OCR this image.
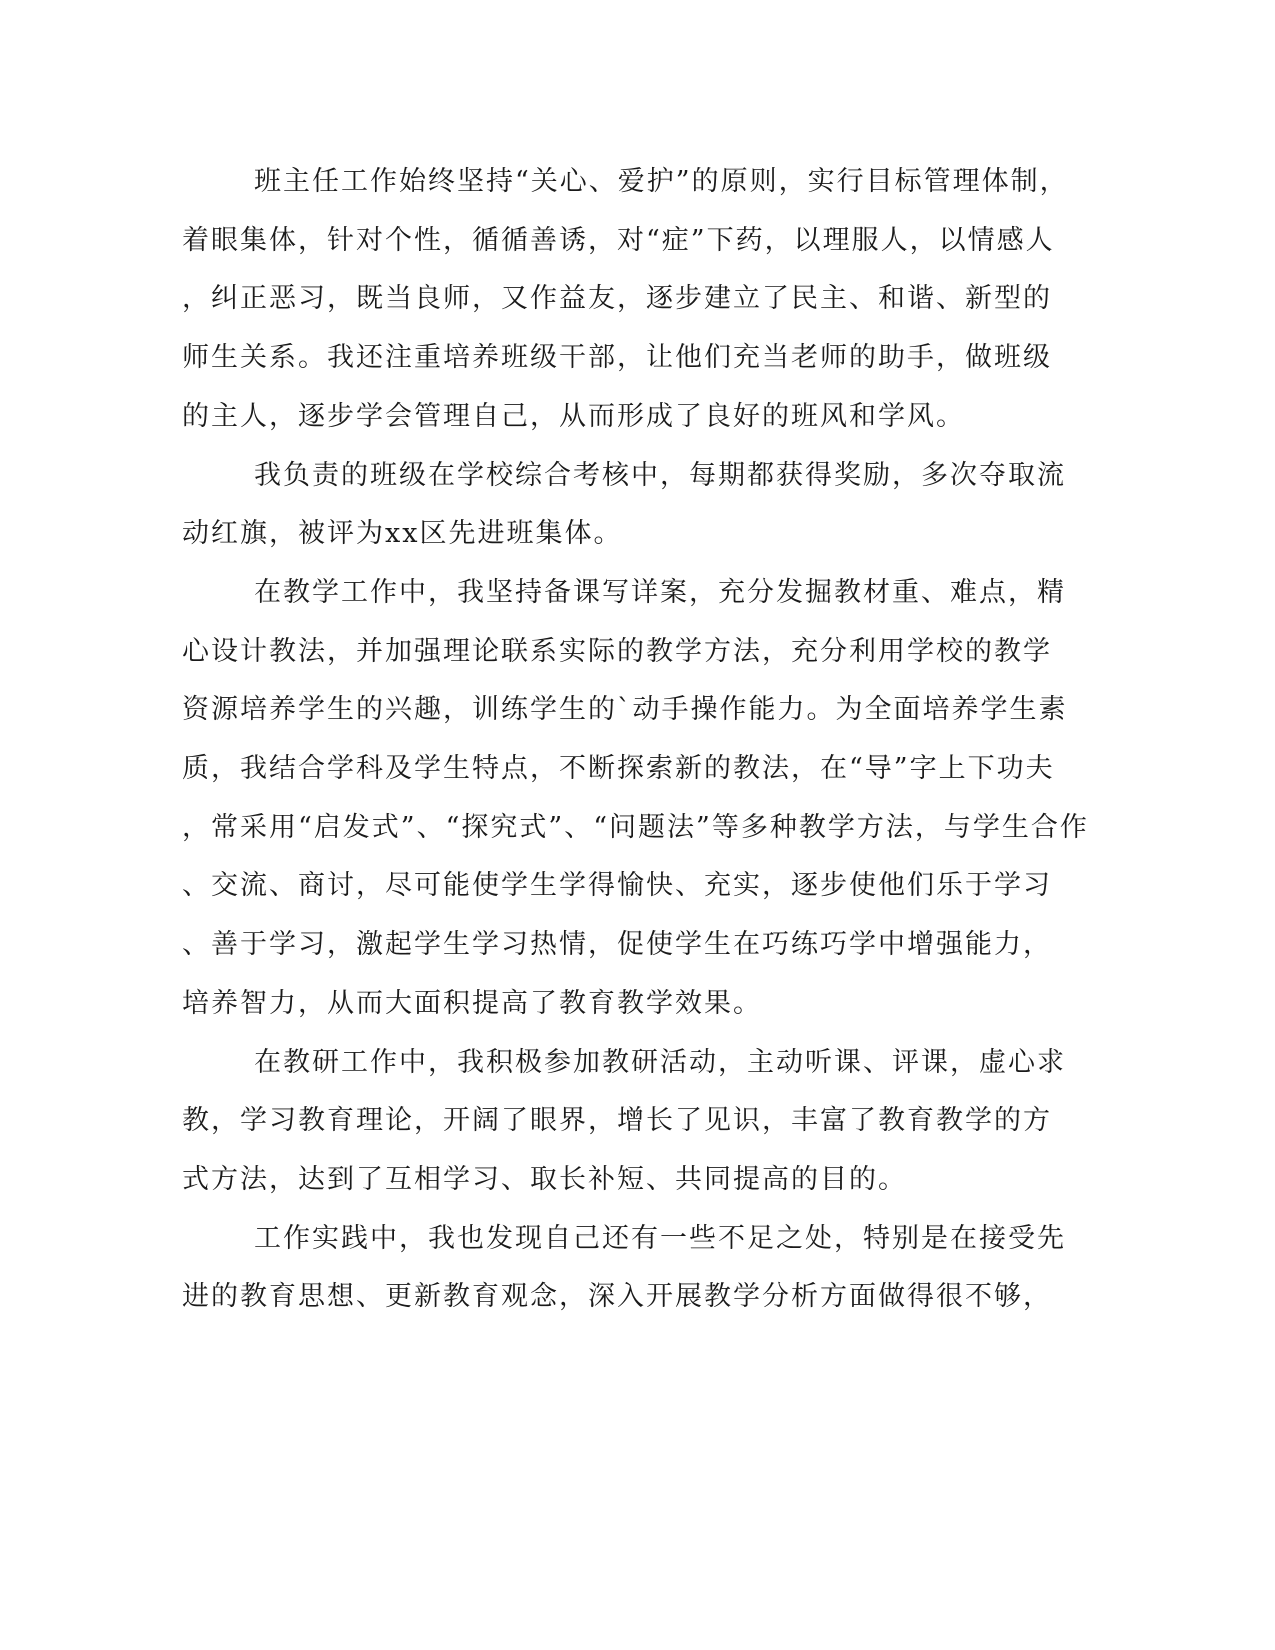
班主任工作始终坚持“关心、爱护”的原则，实行目标管理体制，
着眼集体，针对个性，循循善诱，对“症”下药，以理服人，以情感人
，纠正恶习，既当良师，又作益友，逐步建立了民主、和谐、新型的
师生关系。我还注重培养班级干部，让他们充当老师的助手，做班级
的主人，逐步学会管理自己，从而形成了良好的班风和学风。
我负责的班级在学校综合考核中，每期都获得奖励，多次夺取流
动红旗，被评为xx区先进班集体。
在教学工作中，我坚持备课写详案，充分发掘教材重、难点，精
心设计教法，并加强理论联系实际的教学方法，充分利用学校的教学
资源培养学生的兴趣，训练学生的`动手操作能力。为全面培养学生素
质，我结合学科及学生特点，不断探索新的教法，在“导”字上下功夫
，常采用“启发式”、“探究式”、“问题法”等多种教学方法，与学生合作
、交流、商讨，尽可能使学生学得愉快、充实，逐步使他们乐于学习
、善于学习，激起学生学习热情，促使学生在巧练巧学中增强能力，
培养智力，从而大面积提高了教育教学效果。
在教研工作中，我积极参加教研活动，主动听课、评课，虚心求
教，学习教育理论，开阔了眼界，增长了见识，丰富了教育教学的方
式方法，达到了互相学习、取长补短、共同提高的目的。
工作实践中，我也发现自己还有一些不足之处，特别是在接受先
进的教育思想、更新教育观念，深入开展教学分析方面做得很不够，
